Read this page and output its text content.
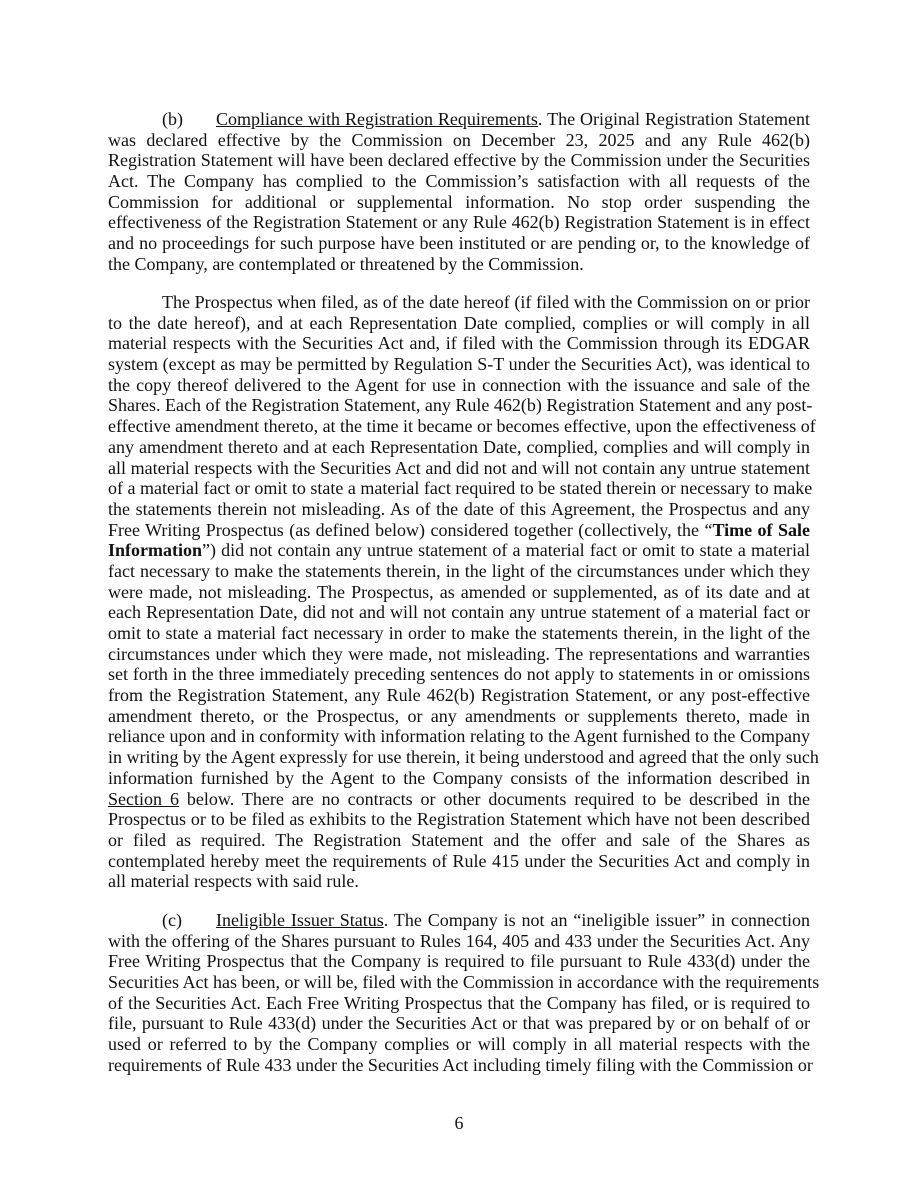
(b) Compliance with Registration Requirements. The Original Registration Statement
was declared effective by the Commission on December 23, 2025 and any Rule 462(b)
Registration Statement will have been declared effective by the Commission under the Securities
Act. The Company has complied to the Commission’s satisfaction with all requests of the
Commission for additional or supplemental information. No stop order suspending the
effectiveness of the Registration Statement or any Rule 462(b) Registration Statement is in effect
and no proceedings for such purpose have been instituted or are pending or, to the knowledge of
the Company, are contemplated or threatened by the Commission.
The Prospectus when filed, as of the date hereof (if filed with the Commission on or prior
to the date hereof), and at each Representation Date complied, complies or will comply in all
material respects with the Securities Act and, if filed with the Commission through its EDGAR
system (except as may be permitted by Regulation S-T under the Securities Act), was identical to
the copy thereof delivered to the Agent for use in connection with the issuance and sale of the
Shares. Each of the Registration Statement, any Rule 462(b) Registration Statement and any post-
effective amendment thereto, at the time it became or becomes effective, upon the effectiveness of
any amendment thereto and at each Representation Date, complied, complies and will comply in
all material respects with the Securities Act and did not and will not contain any untrue statement
of a material fact or omit to state a material fact required to be stated therein or necessary to make
the statements therein not misleading. As of the date of this Agreement, the Prospectus and any
Free Writing Prospectus (as defined below) considered together (collectively, the “Time of Sale
Information”) did not contain any untrue statement of a material fact or omit to state a material
fact necessary to make the statements therein, in the light of the circumstances under which they
were made, not misleading. The Prospectus, as amended or supplemented, as of its date and at
each Representation Date, did not and will not contain any untrue statement of a material fact or
omit to state a material fact necessary in order to make the statements therein, in the light of the
circumstances under which they were made, not misleading. The representations and warranties
set forth in the three immediately preceding sentences do not apply to statements in or omissions
from the Registration Statement, any Rule 462(b) Registration Statement, or any post-effective
amendment thereto, or the Prospectus, or any amendments or supplements thereto, made in
reliance upon and in conformity with information relating to the Agent furnished to the Company
in writing by the Agent expressly for use therein, it being understood and agreed that the only such
information furnished by the Agent to the Company consists of the information described in
Section 6 below. There are no contracts or other documents required to be described in the
Prospectus or to be filed as exhibits to the Registration Statement which have not been described
or filed as required. The Registration Statement and the offer and sale of the Shares as
contemplated hereby meet the requirements of Rule 415 under the Securities Act and comply in
all material respects with said rule.
(c) Ineligible Issuer Status. The Company is not an “ineligible issuer” in connection
with the offering of the Shares pursuant to Rules 164, 405 and 433 under the Securities Act. Any
Free Writing Prospectus that the Company is required to file pursuant to Rule 433(d) under the
Securities Act has been, or will be, filed with the Commission in accordance with the requirements
of the Securities Act. Each Free Writing Prospectus that the Company has filed, or is required to
file, pursuant to Rule 433(d) under the Securities Act or that was prepared by or on behalf of or
used or referred to by the Company complies or will comply in all material respects with the
requirements of Rule 433 under the Securities Act including timely filing with the Commission or
6
